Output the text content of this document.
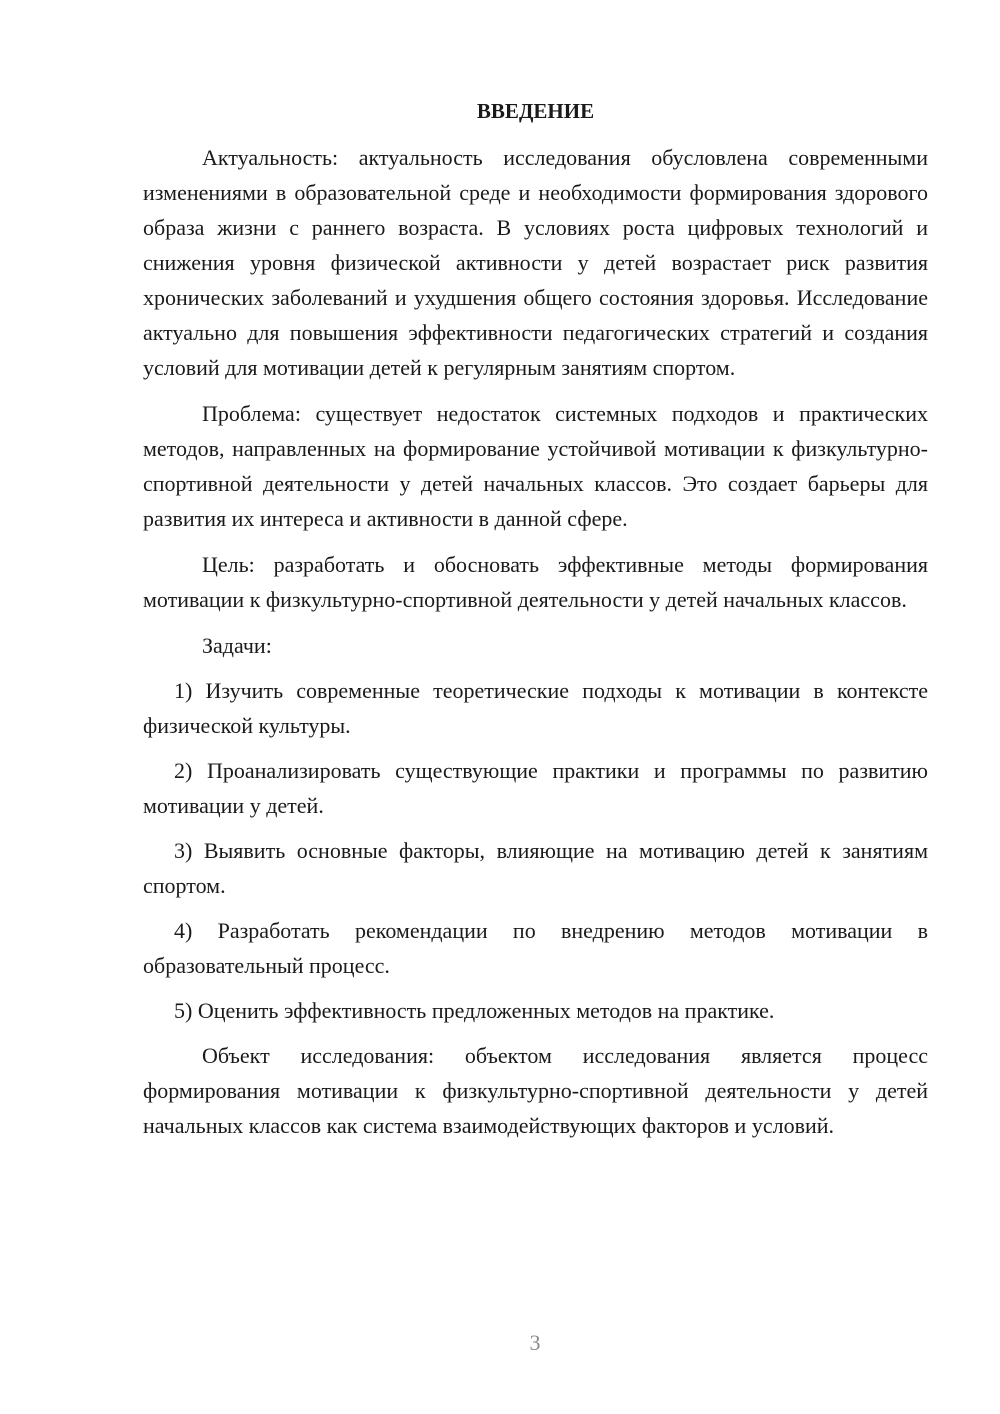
ВВЕДЕНИЕ

Актуальность: актуальность исследования обусловлена современными изменениями в образовательной среде и необходимости формирования здорового образа жизни с раннего возраста. В условиях роста цифровых технологий и снижения уровня физической активности у детей возрастает риск развития хронических заболеваний и ухудшения общего состояния здоровья. Исследование актуально для повышения эффективности педагогических стратегий и создания условий для мотивации детей к регулярным занятиям спортом.

Проблема: существует недостаток системных подходов и практических методов, направленных на формирование устойчивой мотивации к физкультурно-спортивной деятельности у детей начальных классов. Это создает барьеры для развития их интереса и активности в данной сфере.

Цель: разработать и обосновать эффективные методы формирования мотивации к физкультурно-спортивной деятельности у детей начальных классов.

Задачи:

1) Изучить современные теоретические подходы к мотивации в контексте физической культуры.

2) Проанализировать существующие практики и программы по развитию мотивации у детей.

3) Выявить основные факторы, влияющие на мотивацию детей к занятиям спортом.

4) Разработать рекомендации по внедрению методов мотивации в образовательный процесс.

5) Оценить эффективность предложенных методов на практике.

Объект исследования: объектом исследования является процесс формирования мотивации к физкультурно-спортивной деятельности у детей начальных классов как система взаимодействующих факторов и условий.

3
